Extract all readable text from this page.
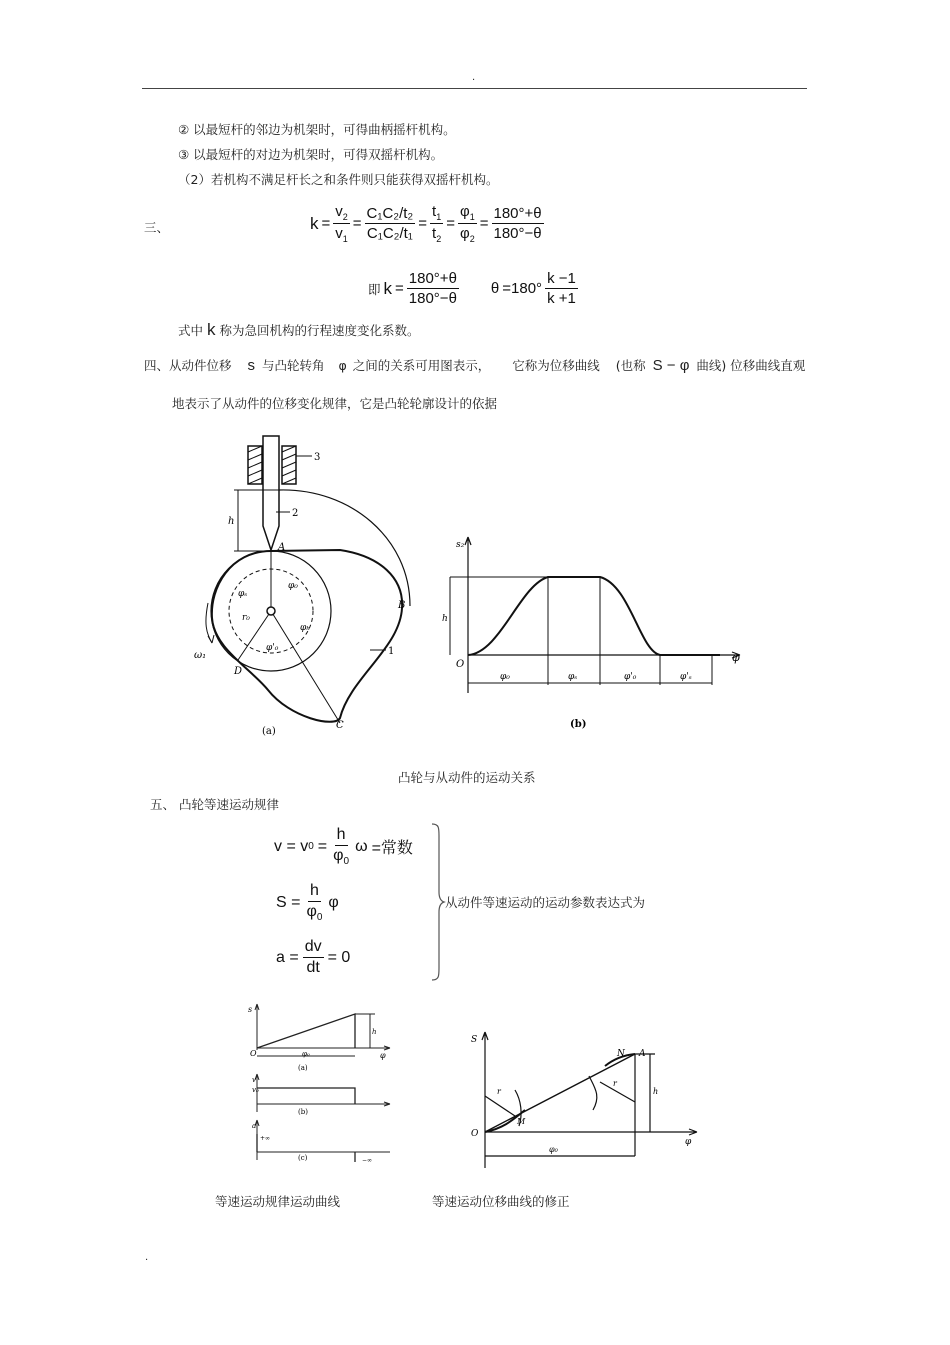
.
② 以最短杆的邻边为机架时，可得曲柄摇杆机构。
③ 以最短杆的对边为机架时，可得双摇杆机构。
（2）若机构不满足杆长之和条件则只能获得双摇杆机构。
三、	$k = \frac{v_2}{v_1} = \frac{\text{C₁C₂/t₂}}{\text{C₁C₂/t₁}} = \frac{t_1}{t_2} = \frac{\varphi_1}{\varphi_2} = \frac{180^\circ+\theta}{180^\circ-\theta}$
即 $k = \frac{180^\circ+\theta}{180^\circ-\theta}$ $\theta =180^\circ \frac{k -1}{k +1}$
式中 k 称为急回机构的行程速度变化系数。
四、从动件位移 s 与凸轮转角 φ 之间的关系可用图表示， 它称为位移曲线 (也称 S − φ 曲线) 位移曲线直观
地表示了从动件的位移变化规律，它是凸轮轮廓设计的依据
3
2
1
h
A
B
C
D
ω₁
r₀
φ₀
φₛ
φₕ
φ'₀
(a)
s₂
h
O
φ
φ₀	φₛ	φ'₀	φ'ₛ
(b)
凸轮与从动件的运动关系
五、 凸轮等速运动规律
v = v $0 = \frac{h}{\varphi_0}$ ω =常数
$S = \frac{h}{\varphi_0}$ φ
$a = \frac{dv}{dt} = 0$
从动件等速运动的运动参数表达式为
s
O	φ₀
h
φ
(a)
v
v₀
(b)
a
+∞
−∞
(c)
S
O
N A
M
r
r
h
φ
φ₀
等速运动规律运动曲线	等速运动位移曲线的修正
.
